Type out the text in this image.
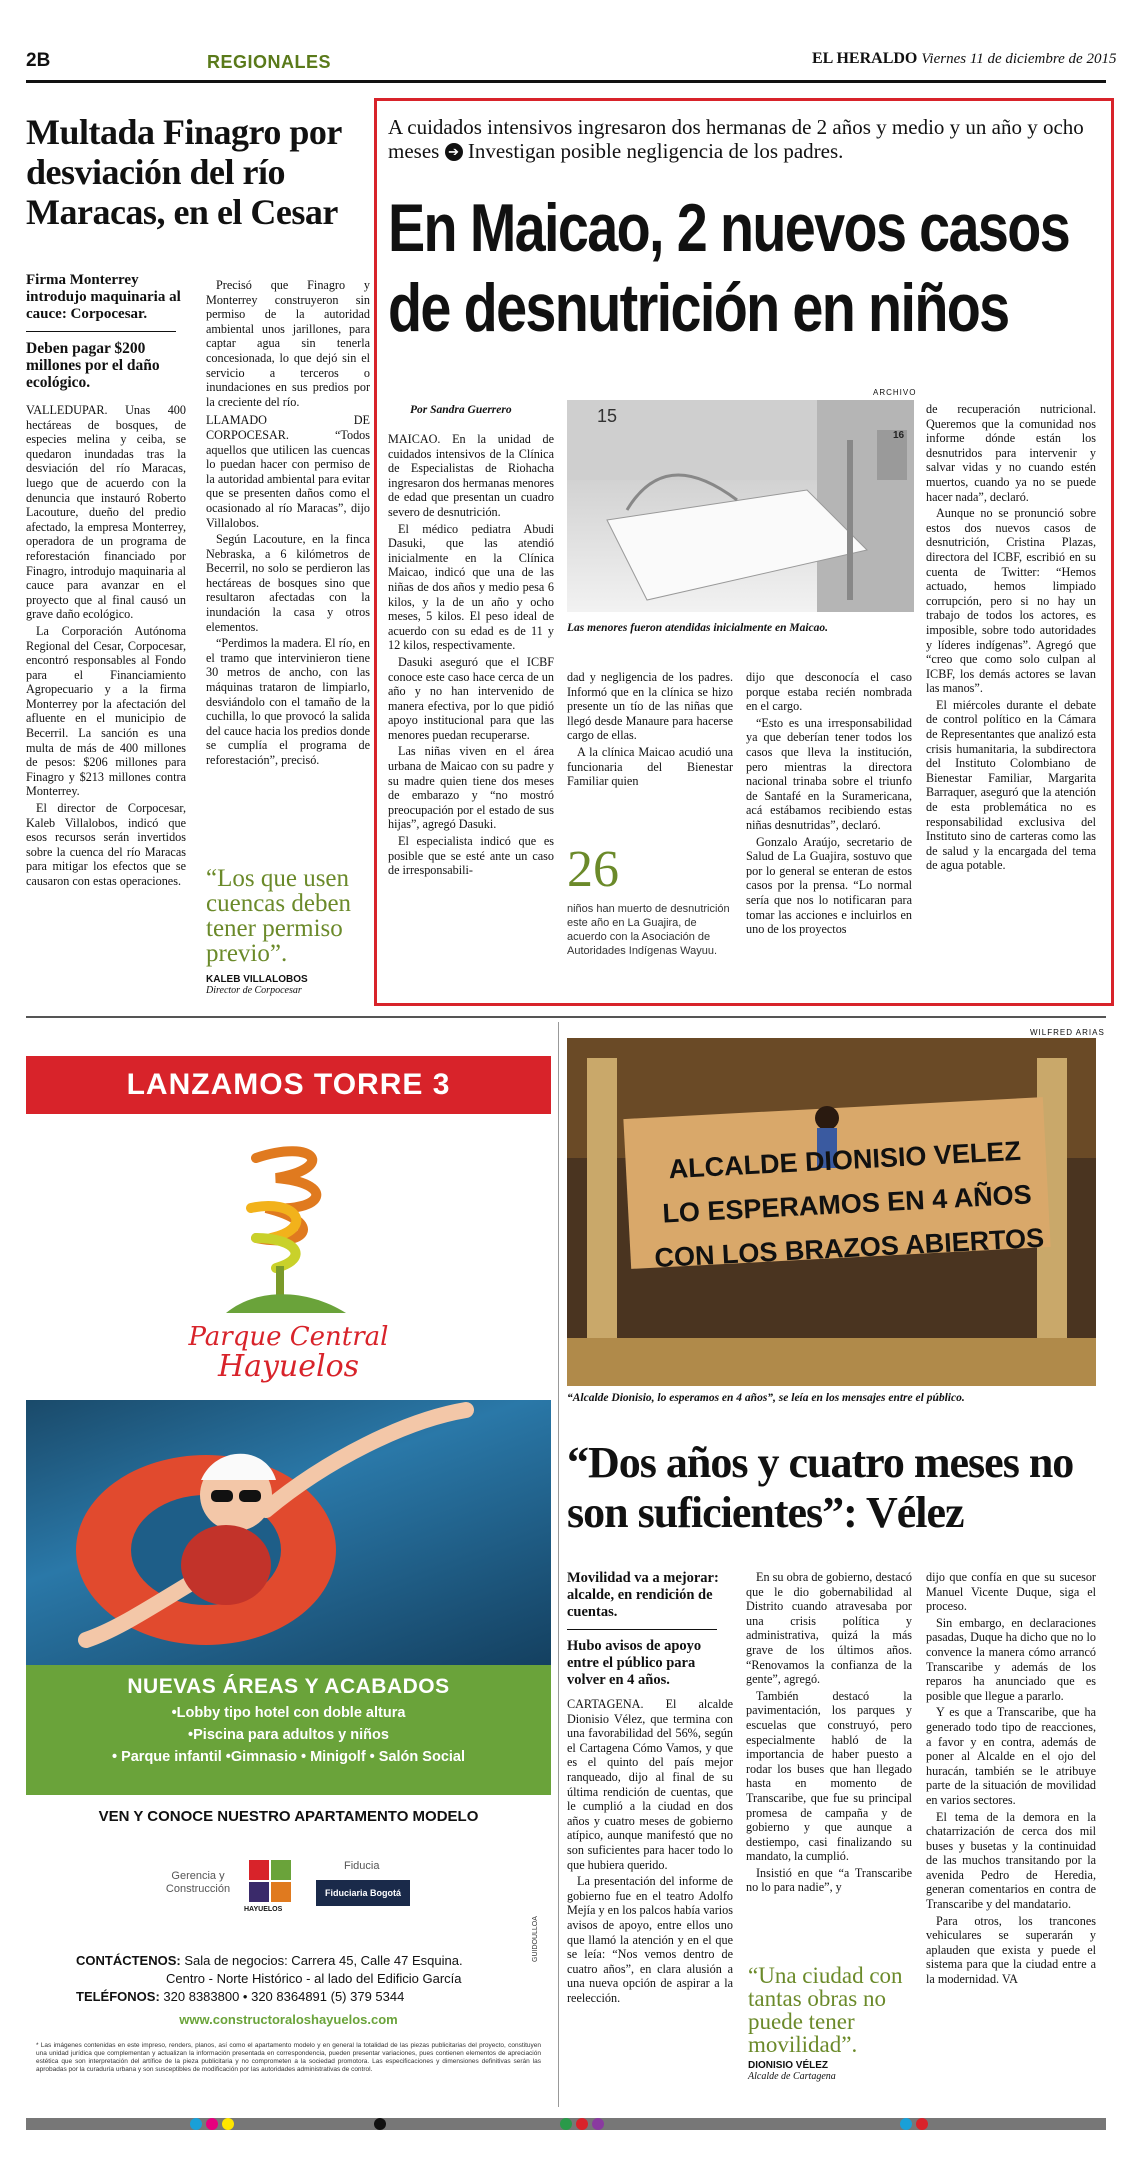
2B	REGIONALES	EL HERALDO Viernes 11 de diciembre de 2015
Multada Finagro por desviación del río Maracas, en el Cesar
Firma Monterrey introdujo maquinaria al cauce: Corpocesar.
Deben pagar $200 millones por el daño ecológico.

VALLEDUPAR. Unas 400 hectáreas de bosques, de especies melina y ceiba, se quedaron inundadas tras la desviación del río Maracas, luego que de acuerdo con la denuncia que instauró Roberto Lacouture, dueño del predio afectado, la empresa Monterrey, operadora de un programa de reforestación financiado por Finagro, introdujo maquinaria al cauce para avanzar en el proyecto que al final causó un grave daño ecológico.

La Corporación Autónoma Regional del Cesar, Corpocesar, encontró responsables al Fondo para el Financiamiento Agropecuario y a la firma Monterrey por la afectación del afluente en el municipio de Becerril. La sanción es una multa de más de 400 millones de pesos: $206 millones para Finagro y $213 millones contra Monterrey.

El director de Corpocesar, Kaleb Villalobos, indicó que esos recursos serán invertidos sobre la cuenca del río Maracas para mitigar los efectos que se causaron con estas operaciones.

Precisó que Finagro y Monterrey construyeron sin permiso de la autoridad ambiental unos jarillones, para captar agua sin tenerla concesionada, lo que dejó sin el servicio a terceros o inundaciones en sus predios por la creciente del río.

LLAMADO DE CORPOCESAR. “Todos aquellos que utilicen las cuencas lo puedan hacer con permiso de la autoridad ambiental para evitar que se presenten daños como el ocasionado al río Maracas”, dijo Villalobos.

Según Lacouture, en la finca Nebraska, a 6 kilómetros de Becerril, no solo se perdieron las hectáreas de bosques sino que resultaron afectadas con la inundación la casa y otros elementos.

“Perdimos la madera. El río, en el tramo que intervinieron tiene 30 metros de ancho, con las máquinas trataron de limpiarlo, desviándolo con el tamaño de la cuchilla, lo que provocó la salida del cauce hacia los predios donde se cumplía el programa de reforestación”, precisó.

“Los que usen cuencas deben tener permiso previo”.
KALEB VILLALOBOS
Director de Corpocesar
A cuidados intensivos ingresaron dos hermanas de 2 años y medio y un año y ocho meses ➔ Investigan posible negligencia de los padres.
En Maicao, 2 nuevos casos
de desnutrición en niños
Por Sandra Guerrero
ARCHIVO
15
16
Las menores fueron atendidas inicialmente en Maicao.

MAICAO. En la unidad de cuidados intensivos de la Clínica de Especialistas de Riohacha ingresaron dos hermanas menores de edad que presentan un cuadro severo de desnutrición.

El médico pediatra Abudi Dasuki, que las atendió inicialmente en la Clínica Maicao, indicó que una de las niñas de dos años y medio pesa 6 kilos, y la de un año y ocho meses, 5 kilos. El peso ideal de acuerdo con su edad es de 11 y 12 kilos, respectivamente.

Dasuki aseguró que el ICBF conoce este caso hace cerca de un año y no han intervenido de manera efectiva, por lo que pidió apoyo institucional para que las menores puedan recuperarse.

Las niñas viven en el área urbana de Maicao con su padre y su madre quien tiene dos meses de embarazo y “no mostró preocupación por el estado de sus hijas”, agregó Dasuki.

El especialista indicó que es posible que se esté ante un caso de irresponsabili-

dad y negligencia de los padres. Informó que en la clínica se hizo presente un tío de las niñas que llegó desde Manaure para hacerse cargo de ellas.

A la clínica Maicao acudió una funcionaria del Bienestar Familiar quien

26
niños han muerto de desnutrición este año en La Guajira, de acuerdo con la Asociación de Autoridades Indígenas Wayuu.

dijo que desconocía el caso porque estaba recién nombrada en el cargo.

“Esto es una irresponsabilidad ya que deberían tener todos los casos que lleva la institución, pero mientras la directora nacional trinaba sobre el triunfo de Santafé en la Suramericana, acá estábamos recibiendo estas niñas desnutridas”, declaró.

Gonzalo Araújo, secretario de Salud de La Guajira, sostuvo que por lo general se enteran de estos casos por la prensa. “Lo normal sería que nos lo notificaran para tomar las acciones e incluirlos en uno de los proyectos

de recuperación nutricional. Queremos que la comunidad nos informe dónde están los desnutridos para intervenir y salvar vidas y no cuando estén muertos, cuando ya no se puede hacer nada”, declaró.

Aunque no se pronunció sobre estos dos nuevos casos de desnutrición, Cristina Plazas, directora del ICBF, escribió en su cuenta de Twitter: “Hemos actuado, hemos limpiado corrupción, pero si no hay un trabajo de todos los actores, es imposible, sobre todo autoridades y líderes indígenas”. Agregó que “creo que como solo culpan al ICBF, los demás actores se lavan las manos”.

El miércoles durante el debate de control político en la Cámara de Representantes que analizó esta crisis humanitaria, la subdirectora del Instituto Colombiano de Bienestar Familiar, Margarita Barraquer, aseguró que la atención de esta problemática no es responsabilidad exclusiva del Instituto sino de carteras como las de salud y la encargada del tema de agua potable.

LANZAMOS TORRE 3
Parque Central
Hayuelos
NUEVAS ÁREAS Y ACABADOS
•Lobby tipo hotel con doble altura
•Piscina para adultos y niños
• Parque infantil •Gimnasio • Minigolf • Salón Social
VEN Y CONOCE NUESTRO APARTAMENTO MODELO
Gerencia y Construcción
HAYUELOS
Fiducia
Fiduciaria Bogotá
CONTÁCTENOS: Sala de negocios: Carrera 45, Calle 47 Esquina.
Centro - Norte Histórico - al lado del Edificio García
TELÉFONOS: 320 8383800 • 320 8364891 (5) 379 5344
www.constructoraloshayuelos.com
GUIDOULLOA
* Las imágenes contenidas en este impreso, renders, planos, así como el apartamento modelo y en general la totalidad de las piezas publicitarias del proyecto, constituyen una unidad jurídica que complementan y actualizan la información presentada en correspondencia, pueden presentar variaciones, pues contienen elementos de apreciación estética que son interpretación del artífice de la pieza publicitaria y no comprometen a la sociedad promotora. Las especificaciones y dimensiones definitivas serán las aprobadas por la curaduría urbana y son susceptibles de modificación por las autoridades administrativas de control.
WILFRED ARIAS
ALCALDE DIONISIO VELEZ
LO ESPERAMOS EN 4 AÑOS
CON LOS BRAZOS ABIERTOS
“Alcalde Dionisio, lo esperamos en 4 años”, se leía en los mensajes entre el público.
“Dos años y cuatro meses no son suficientes”: Vélez
Movilidad va a mejorar: alcalde, en rendición de cuentas.
Hubo avisos de apoyo entre el público para volver en 4 años.

CARTAGENA. El alcalde Dionisio Vélez, que termina con una favorabilidad del 56%, según el Cartagena Cómo Vamos, y que es el quinto del país mejor ranqueado, dijo al final de su última rendición de cuentas, que le cumplió a la ciudad en dos años y cuatro meses de gobierno atípico, aunque manifestó que no son suficientes para hacer todo lo que hubiera querido.

La presentación del informe de gobierno fue en el teatro Adolfo Mejía y en los palcos había varios avisos de apoyo, entre ellos uno que llamó la atención y en el que se leía: “Nos vemos dentro de cuatro años”, en clara alusión a una nueva opción de aspirar a la reelección.

En su obra de gobierno, destacó que le dio gobernabilidad al Distrito cuando atravesaba por una crisis política y administrativa, quizá la más grave de los últimos años. “Renovamos la confianza de la gente”, agregó.

También destacó la pavimentación, los parques y escuelas que construyó, pero especialmente habló de la importancia de haber puesto a rodar los buses que han llegado hasta en momento de Transcaribe, que fue su principal promesa de campaña y de gobierno y que aunque a destiempo, casi finalizando su mandato, la cumplió.

Insistió en que “a Transcaribe no lo para nadie”, y

“Una ciudad con tantas obras no puede tener movilidad”.
DIONISIO VÉLEZ
Alcalde de Cartagena

dijo que confía en que su sucesor Manuel Vicente Duque, siga el proceso.

Sin embargo, en declaraciones pasadas, Duque ha dicho que no lo convence la manera cómo arrancó Transcaribe y además de los reparos ha anunciado que es posible que llegue a pararlo.

Y es que a Transcaribe, que ha generado todo tipo de reacciones, a favor y en contra, además de poner al Alcalde en el ojo del huracán, también se le atribuye parte de la situación de movilidad en varios sectores.

El tema de la demora en la chatarrización de cerca dos mil buses y busetas y la continuidad de las muchos transitando por la avenida Pedro de Heredia, generan comentarios en contra de Transcaribe y del mandatario.

Para otros, los trancones vehiculares se superarán y aplauden que exista y puede el sistema para que la ciudad entre a la modernidad. VA
